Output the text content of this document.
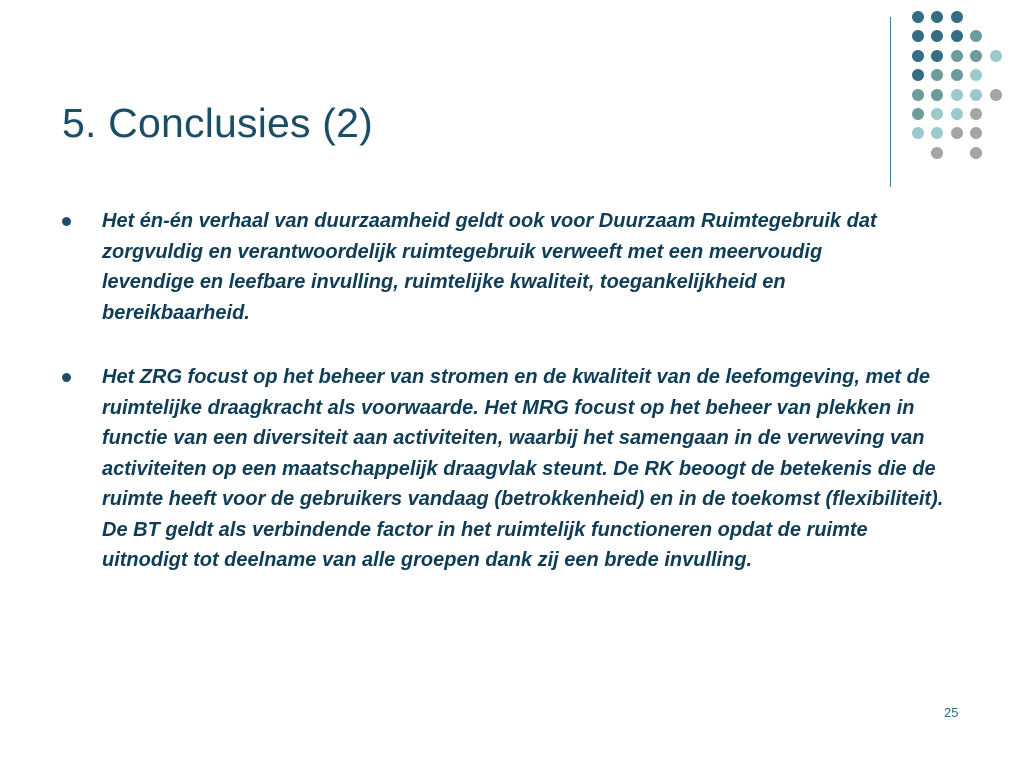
5. Conclusies (2)
Het én-én verhaal van duurzaamheid geldt ook voor Duurzaam Ruimtegebruik dat zorgvuldig en verantwoordelijk ruimtegebruik verweeft met een meervoudig levendige en leefbare invulling, ruimtelijke kwaliteit, toegankelijkheid en bereikbaarheid.
Het ZRG focust op het beheer van stromen en de kwaliteit van de leefomgeving, met de ruimtelijke draagkracht als voorwaarde. Het MRG focust op het beheer van plekken in functie van een diversiteit aan activiteiten, waarbij het samengaan in de verweving van activiteiten op een maatschappelijk draagvlak steunt. De RK beoogt de betekenis die de ruimte heeft voor de gebruikers vandaag (betrokkenheid) en in de toekomst (flexibiliteit). De BT geldt als verbindende factor in het ruimtelijk functioneren opdat de ruimte uitnodigt tot deelname van alle groepen dank zij een brede invulling.
25
